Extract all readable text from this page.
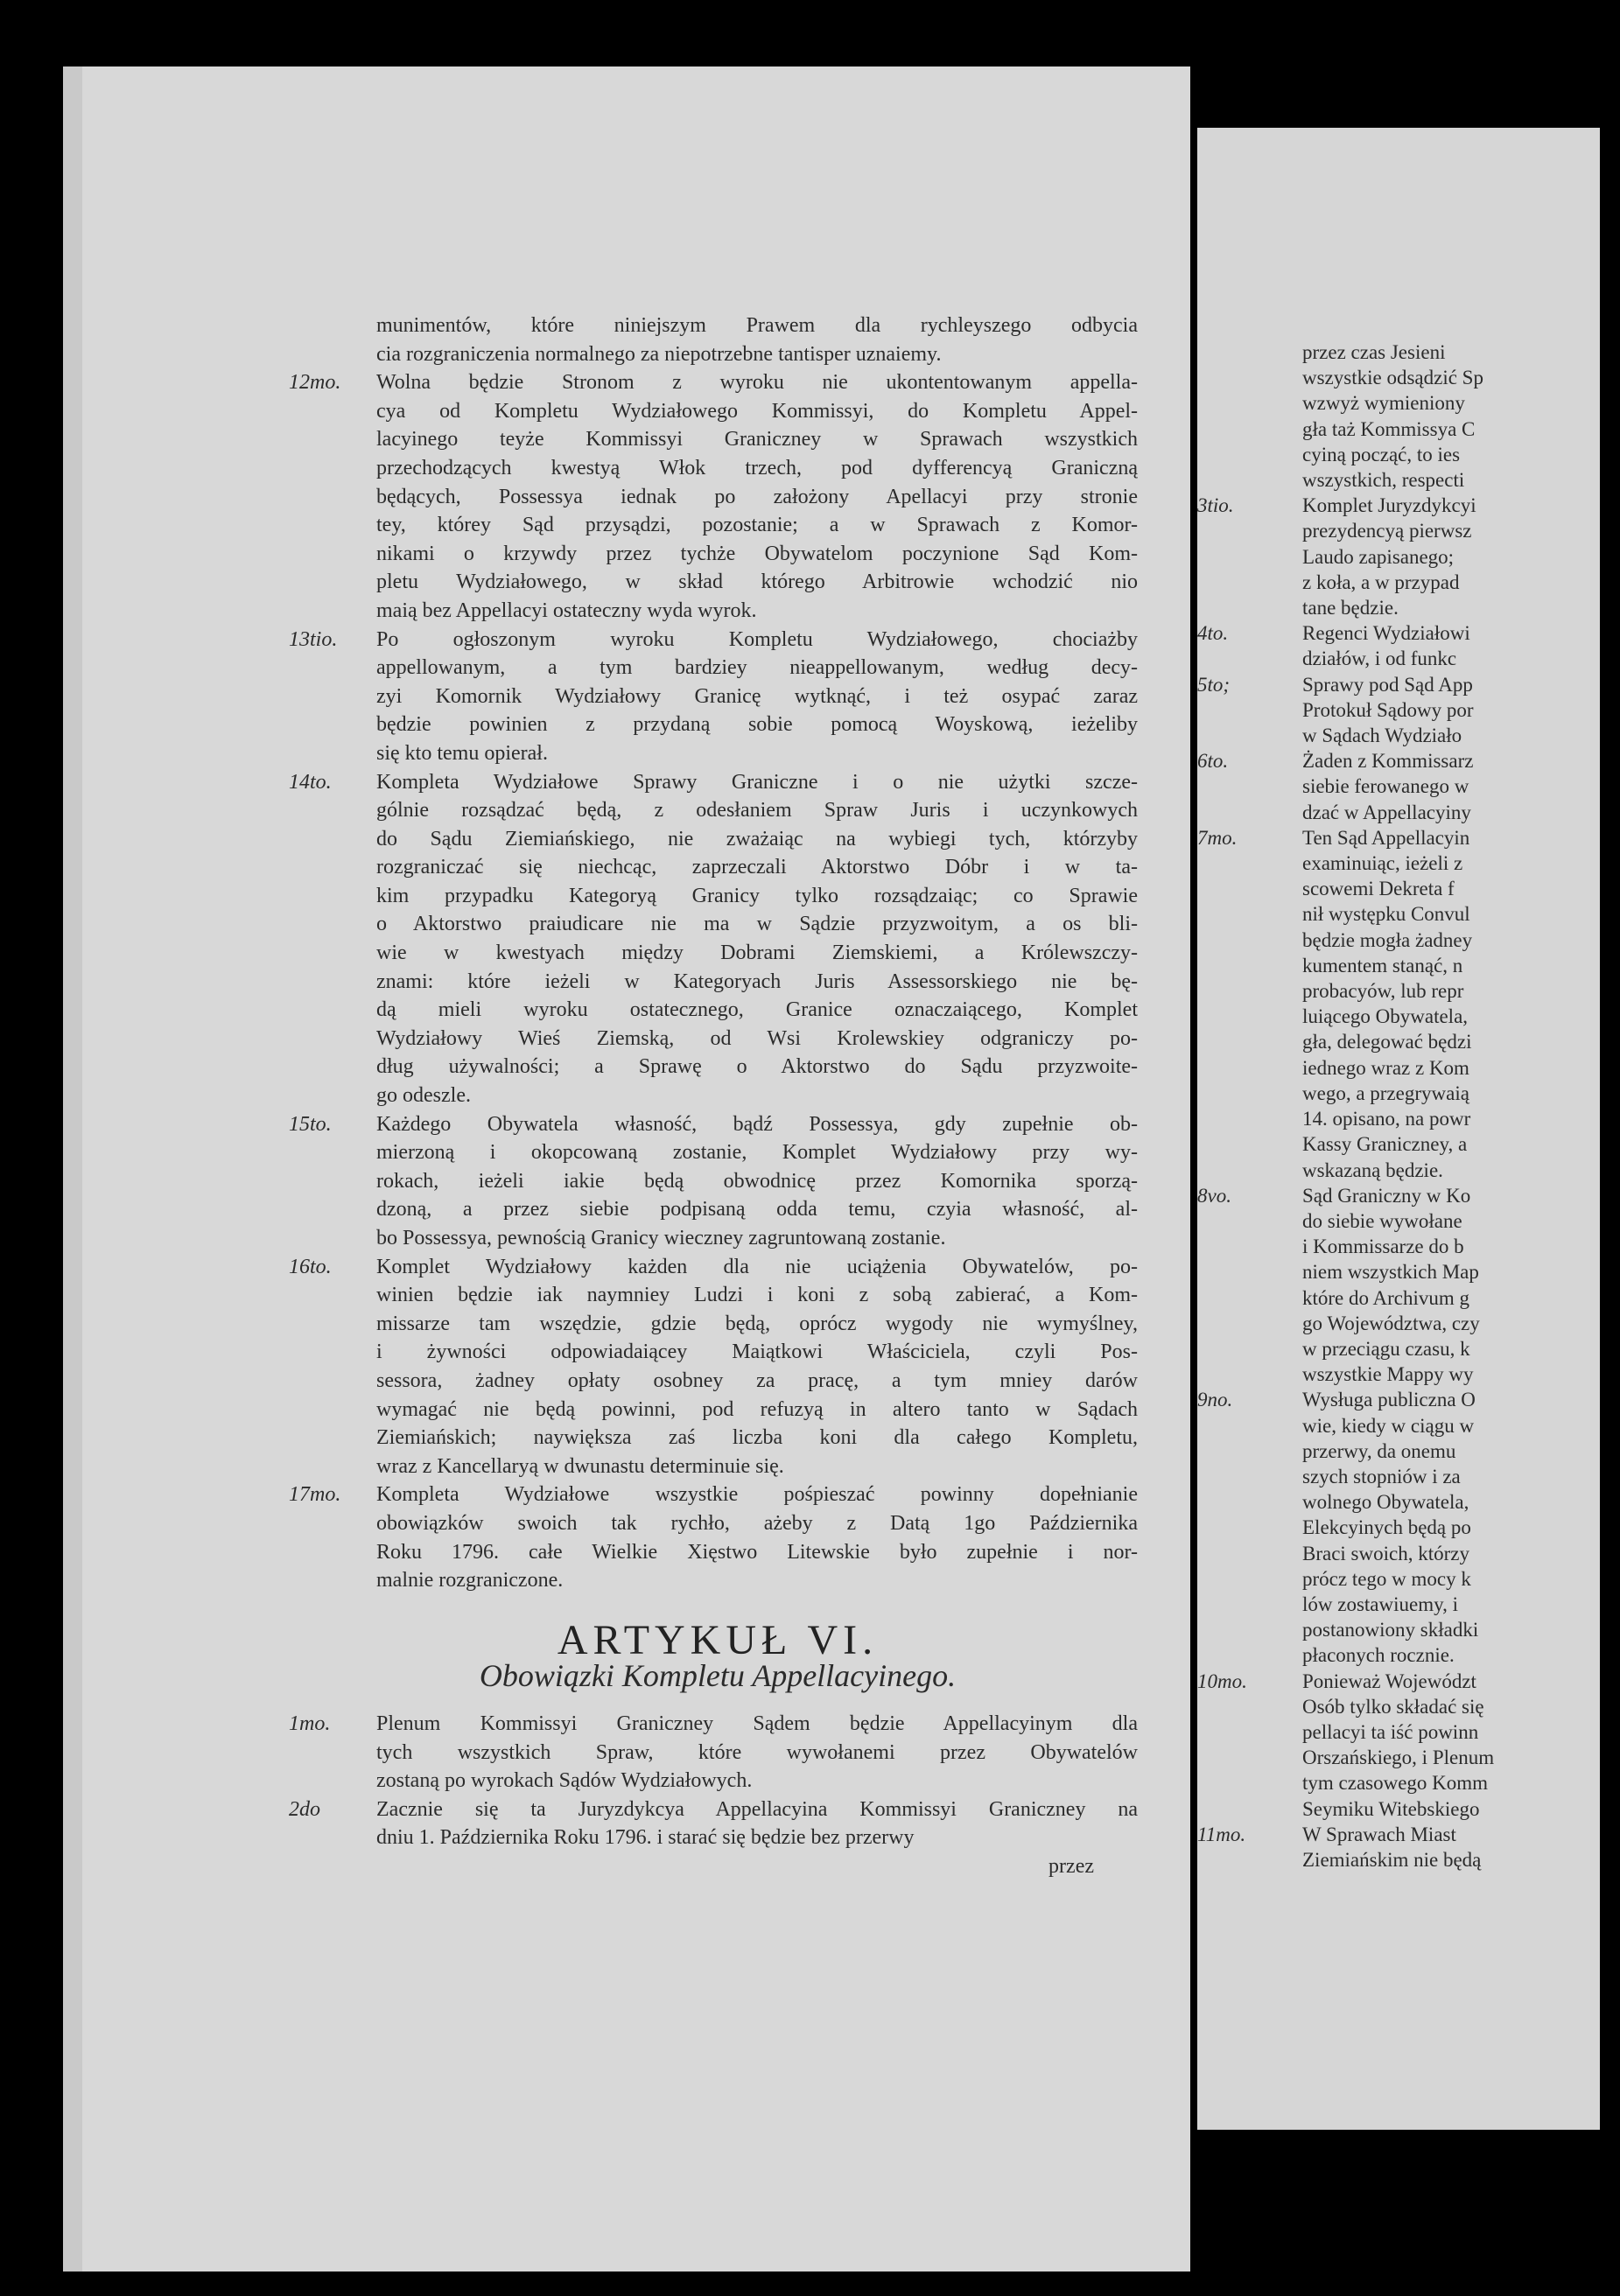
munimentów, które niniejszym Prawem dla rychleyszego odbycia
cia rozgraniczenia normalnego za niepotrzebne tantisper uznaiemy.
12mo.	Wolna będzie Stronom z wyroku nie ukontentowanym appella-
cya od Kompletu Wydziałowego Kommissyi, do Kompletu Appel-
lacyinego teyże Kommissyi Graniczney w Sprawach wszystkich
przechodzących kwestyą Włok trzech, pod dyfferencyą Graniczną
będących, Possessya iednak po założony Apellacyi przy stronie
tey, którey Sąd przysądzi, pozostanie; a w Sprawach z Komor-
nikami o krzywdy przez tychże Obywatelom poczynione Sąd Kom-
pletu Wydziałowego, w skład którego Arbitrowie wchodzić nio
maią bez Appellacyi ostateczny wyda wyrok.
13tio.	Po ogłoszonym wyroku Kompletu Wydziałowego, chociażby
appellowanym, a tym bardziey nieappellowanym, według decy-
zyi Komornik Wydziałowy Granicę wytknąć, i też osypać zaraz
będzie powinien z przydaną sobie pomocą Woyskową, ieżeliby
się kto temu opierał.
14to.	Kompleta Wydziałowe Sprawy Graniczne i o nie użytki szcze-
gólnie rozsądzać będą, z odesłaniem Spraw Juris i uczynkowych
do Sądu Ziemiańskiego, nie zważaiąc na wybiegi tych, którzyby
rozgraniczać się niechcąc, zaprzeczali Aktorstwo Dóbr i w ta-
kim przypadku Kategoryą Granicy tylko rozsądzaiąc; co Sprawie
o Aktorstwo praiudicare nie ma w Sądzie przyzwoitym, a os bli-
wie w kwestyach między Dobrami Ziemskiemi, a Królewszczy-
znami: które ieżeli w Kategoryach Juris Assessorskiego nie bę-
dą mieli wyroku ostatecznego, Granice oznaczaiącego, Komplet
Wydziałowy Wieś Ziemską, od Wsi Krolewskiey odgraniczy po-
dług używalności; a Sprawę o Aktorstwo do Sądu przyzwoite-
go odeszle.
15to.	Każdego Obywatela własność, bądź Possessya, gdy zupełnie ob-
mierzoną i okopcowaną zostanie, Komplet Wydziałowy przy wy-
rokach, ieżeli iakie będą obwodnicę przez Komornika sporzą-
dzoną, a przez siebie podpisaną odda temu, czyia własność, al-
bo Possessya, pewnością Granicy wieczney zagruntowaną zostanie.
16to.	Komplet Wydziałowy każden dla nie uciążenia Obywatelów, po-
winien będzie iak naymniey Ludzi i koni z sobą zabierać, a Kom-
missarze tam wszędzie, gdzie będą, oprócz wygody nie wymyślney,
i żywności odpowiadaiącey Maiątkowi Właściciela, czyli Pos-
sessora, żadney opłaty osobney za pracę, a tym mniey darów
wymagać nie będą powinni, pod refuzyą in altero tanto w Sądach
Ziemiańskich; naywiększa zaś liczba koni dla całego Kompletu,
wraz z Kancellaryą w dwunastu determinuie się.
17mo.	Kompleta Wydziałowe wszystkie pośpieszać powinny dopełnianie
obowiązków swoich tak rychło, ażeby z Datą 1go Października
Roku 1796. całe Wielkie Xięstwo Litewskie było zupełnie i nor-
malnie rozgraniczone.
ARTYKUŁ VI.
Obowiązki Kompletu Appellacyinego.
1mo.	Plenum Kommissyi Graniczney Sądem będzie Appellacyinym dla
tych wszystkich Spraw, które wywołanemi przez Obywatelów
zostaną po wyrokach Sądów Wydziałowych.
2do	Zacznie się ta Juryzdykcya Appellacyina Kommissyi Graniczney na
dniu 1. Października Roku 1796. i starać się będzie bez przerwy
przez
przez czas Jesieni
wszystkie odsądzić Sp
wzwyż wymieniony
gła taż Kommissya C
cyiną począć, to ies
wszystkich, respecti
3tio.	Komplet Juryzdykcyi
prezydencyą pierwsz
Laudo zapisanego;
z koła, a w przypad
tane będzie.
4to.	Regenci Wydziałowi
działów, i od funkc
5to;	Sprawy pod Sąd App
Protokuł Sądowy por
w Sądach Wydziało
6to.	Żaden z Kommissarz
siebie ferowanego w
dzać w Appellacyiny
7mo.	Ten Sąd Appellacyin
examinuiąc, ieżeli z
scowemi Dekreta f
nił występku Convul
będzie mogła żadney
kumentem stanąć, n
probacyów, lub repr
luiącego Obywatela,
gła, delegować będzi
iednego wraz z Kom
wego, a przegrywaią
14. opisano, na powr
Kassy Graniczney, a
wskazaną będzie.
8vo.	Sąd Graniczny w Ko
do siebie wywołane
i Kommissarze do b
niem wszystkich Map
które do Archivum g
go Województwa, czy
w przeciągu czasu, k
wszystkie Mappy wy
9no.	Wysługa publiczna O
wie, kiedy w ciągu w
przerwy, da onemu
szych stopniów i za
wolnego Obywatela,
Elekcyinych będą po
Braci swoich, którzy
prócz tego w mocy k
lów zostawiuemy, i
postanowiony składki
płaconych rocznie.
10mo.	Ponieważ Województ
Osób tylko składać się
pellacyi ta iść powinn
Orszańskiego, i Plenum
tym czasowego Komm
Seymiku Witebskiego
11mo.	W Sprawach Miast
Ziemiańskim nie będą
